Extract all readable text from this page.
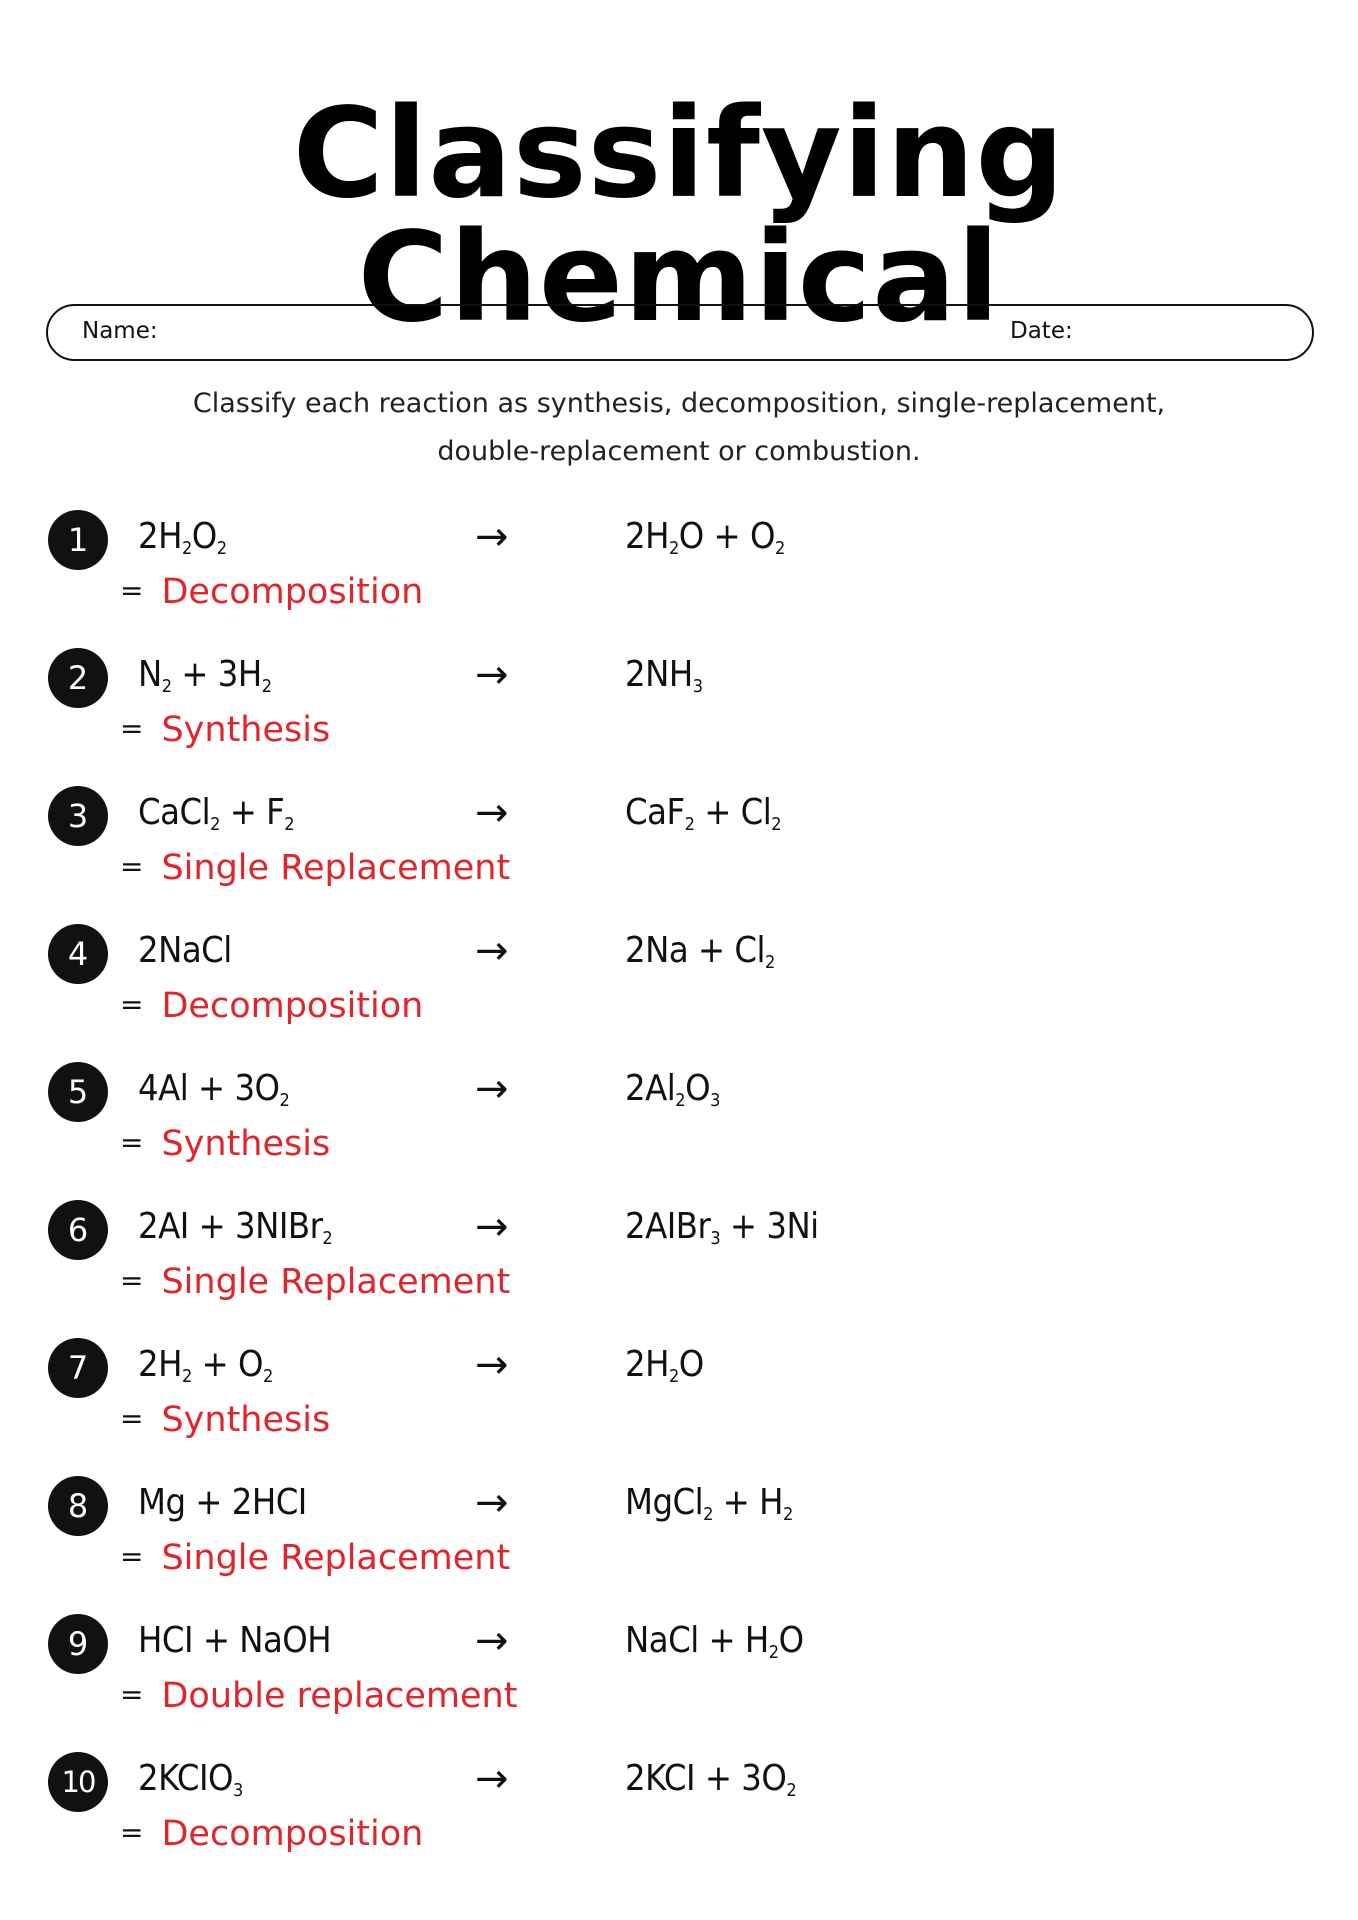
Classifying Chemical
Name:	Date:
Classify each reaction as synthesis, decomposition, single-replacement,
double-replacement or combustion.
1	$2H_2O_2$	→	$2H_2O + O_2$
= Decomposition
2	$N_2 + 3H_2$	→	$2NH_3$
= Synthesis
3	CaCl$_2$ + $F_2$	→	$CaF_2 + Cl_2$
= Single Replacement
4	2NaCl	→	$2Na + Cl_2$
= Decomposition
5	$4Al + 3O_2$	→	$2Al_2O_3$
= Synthesis
6	2AI + 3NIBr$_2$	→	2AIBr$_3$ + 3Ni
= Single Replacement
7	$2H_2 + O_2$	→	$2H_2O$
= Synthesis
8	Mg + 2HCI	→	MgCl$_2$ + $H_2$
= Single Replacement
9	HCI + NaOH	→	NaCl + $H_2O$
= Double replacement
10	$2KCIO_3$	→	$2KCI + 3O_2$
= Decomposition
